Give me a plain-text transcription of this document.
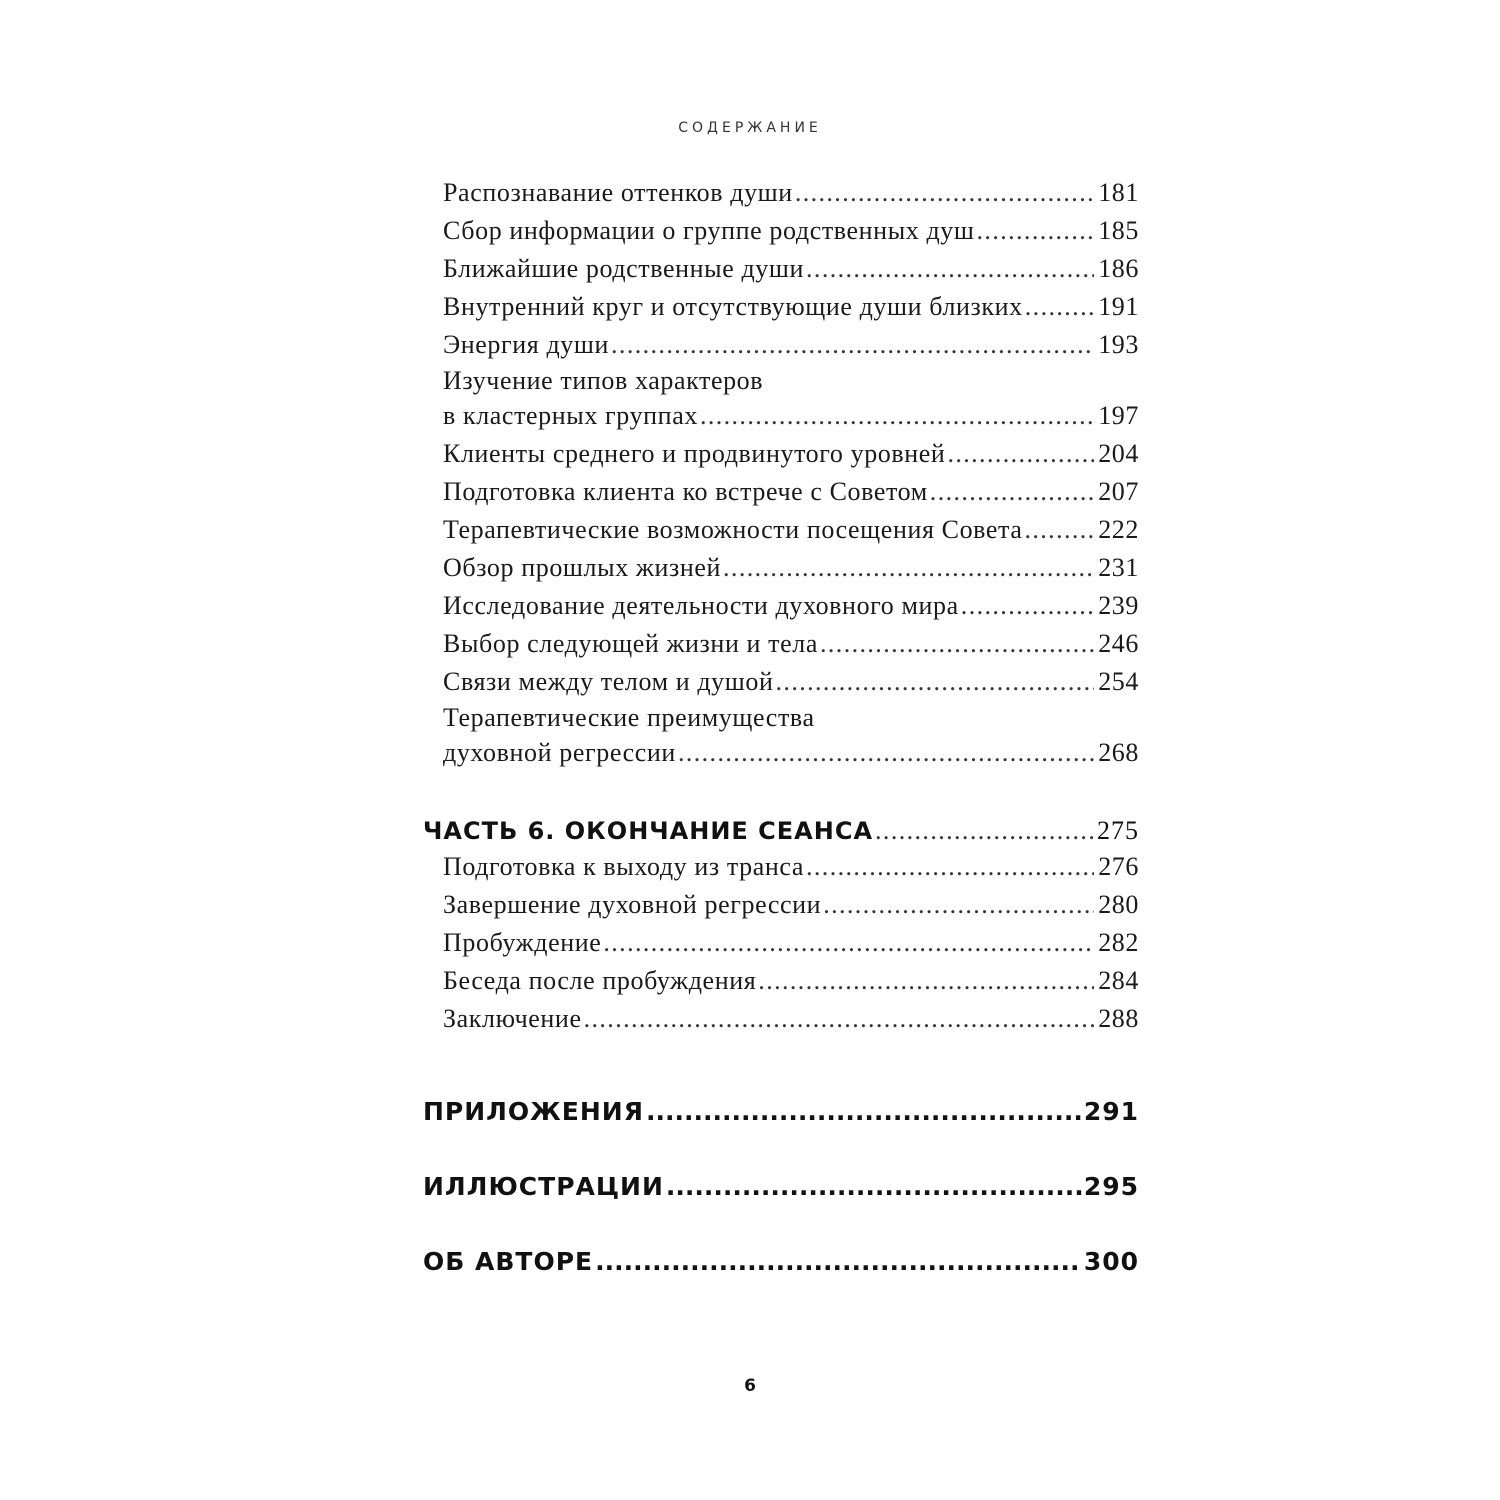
СОДЕРЖАНИЕ
Распознавание оттенков души .....	181
Сбор информации о группе родственных душ .....	185
Ближайшие родственные души .....	186
Внутренний круг и отсутствующие души близких .....	191
Энергия души .....	193
Изучение типов характеров
в кластерных группах .....	197
Клиенты среднего и продвинутого уровней .....	204
Подготовка клиента ко встрече с Советом .....	207
Терапевтические возможности посещения Совета .....	222
Обзор прошлых жизней .....	231
Исследование деятельности духовного мира .....	239
Выбор следующей жизни и тела .....	246
Связи между телом и душой .....	254
Терапевтические преимущества
духовной регрессии .....	268
ЧАСТЬ 6. ОКОНЧАНИЕ СЕАНСА .....	275
Подготовка к выходу из транса .....	276
Завершение духовной регрессии .....	280
Пробуждение .....	282
Беседа после пробуждения .....	284
Заключение .....	288
ПРИЛОЖЕНИЯ .....	291
ИЛЛЮСТРАЦИИ .....	295
ОБ АВТОРЕ .....	300
6
